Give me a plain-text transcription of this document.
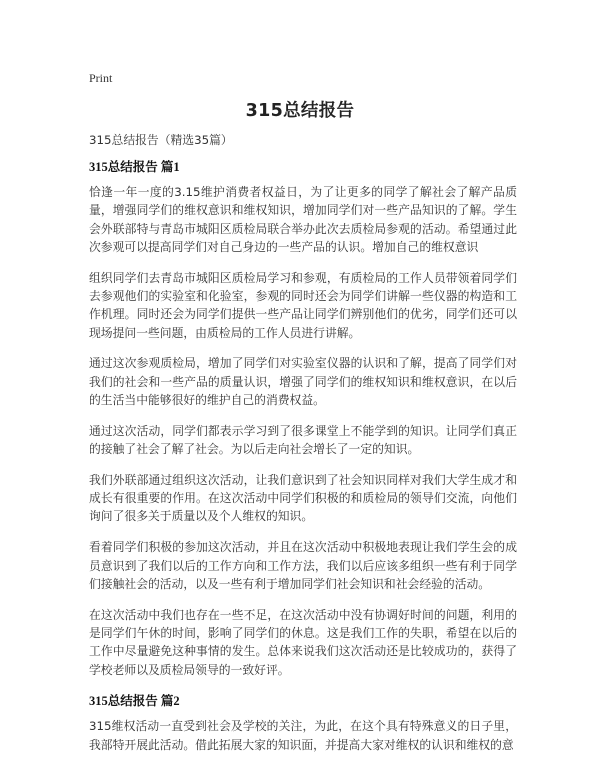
Print
315总结报告
315总结报告（精选35篇）
315总结报告 篇1

恰逢一年一度的3.15维护消费者权益日，为了让更多的同学了解社会了解产品质量，增强同学们的维权意识和维权知识，增加同学们对一些产品知识的了解。学生会外联部特与青岛市城阳区质检局联合举办此次去质检局参观的活动。希望通过此次参观可以提高同学们对自己身边的一些产品的认识。增加自己的维权意识

组织同学们去青岛市城阳区质检局学习和参观，有质检局的工作人员带领着同学们去参观他们的实验室和化验室，参观的同时还会为同学们讲解一些仪器的构造和工作机理。同时还会为同学们提供一些产品让同学们辨别他们的优劣，同学们还可以现场提问一些问题，由质检局的工作人员进行讲解。

通过这次参观质检局，增加了同学们对实验室仪器的认识和了解，提高了同学们对我们的社会和一些产品的质量认识，增强了同学们的维权知识和维权意识，在以后的生活当中能够很好的维护自己的消费权益。

通过这次活动，同学们都表示学习到了很多课堂上不能学到的知识。让同学们真正的接触了社会了解了社会。为以后走向社会增长了一定的知识。

我们外联部通过组织这次活动，让我们意识到了社会知识同样对我们大学生成才和成长有很重要的作用。在这次活动中同学们积极的和质检局的领导们交流，向他们询问了很多关于质量以及个人维权的知识。

看着同学们积极的参加这次活动，并且在这次活动中积极地表现让我们学生会的成员意识到了我们以后的工作方向和工作方法，我们以后应该多组织一些有利于同学们接触社会的活动，以及一些有利于增加同学们社会知识和社会经验的活动。

在这次活动中我们也存在一些不足，在这次活动中没有协调好时间的问题，利用的是同学们午休的时间，影响了同学们的休息。这是我们工作的失职，希望在以后的工作中尽量避免这种事情的发生。总体来说我们这次活动还是比较成功的，获得了学校老师以及质检局领导的一致好评。

315总结报告 篇2

315维权活动一直受到社会及学校的关注，为此，在这个具有特殊意义的日子里，我部特开展此活动。借此拓展大家的知识面，并提高大家对维权的认识和维权的意
